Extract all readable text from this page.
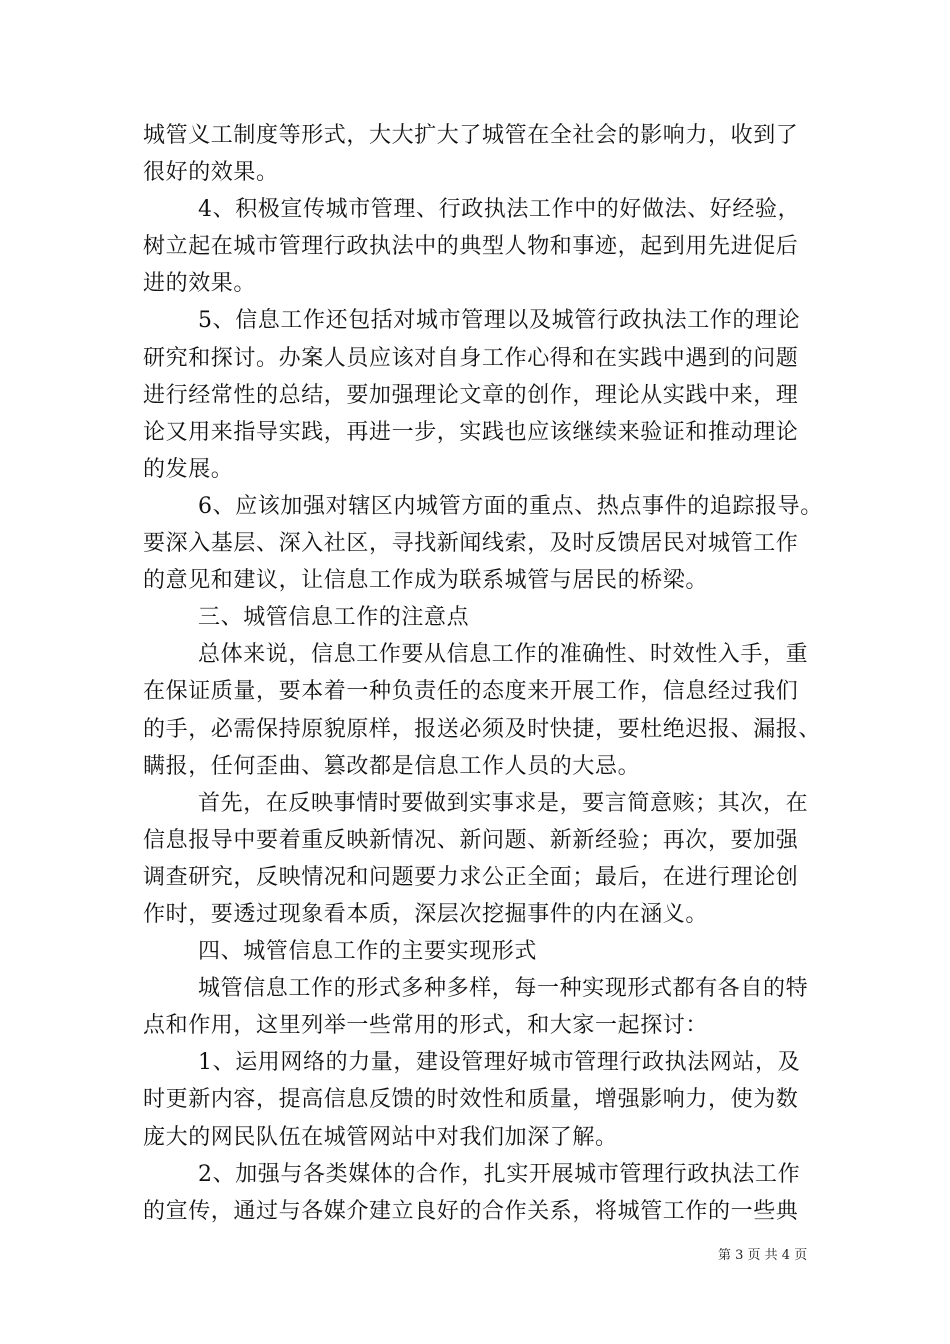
城管义工制度等形式，大大扩大了城管在全社会的影响力，收到了
很好的效果。
4、积极宣传城市管理、行政执法工作中的好做法、好经验，
树立起在城市管理行政执法中的典型人物和事迹，起到用先进促后
进的效果。
5、信息工作还包括对城市管理以及城管行政执法工作的理论
研究和探讨。办案人员应该对自身工作心得和在实践中遇到的问题
进行经常性的总结，要加强理论文章的创作，理论从实践中来，理
论又用来指导实践，再进一步，实践也应该继续来验证和推动理论
的发展。
6、应该加强对辖区内城管方面的重点、热点事件的追踪报导。
要深入基层、深入社区，寻找新闻线索，及时反馈居民对城管工作
的意见和建议，让信息工作成为联系城管与居民的桥梁。
三、城管信息工作的注意点
总体来说，信息工作要从信息工作的准确性、时效性入手，重
在保证质量，要本着一种负责任的态度来开展工作，信息经过我们
的手，必需保持原貌原样，报送必须及时快捷，要杜绝迟报、漏报、
瞒报，任何歪曲、篡改都是信息工作人员的大忌。
首先，在反映事情时要做到实事求是，要言简意赅；其次，在
信息报导中要着重反映新情况、新问题、新新经验；再次，要加强
调查研究，反映情况和问题要力求公正全面；最后，在进行理论创
作时，要透过现象看本质，深层次挖掘事件的内在涵义。
四、城管信息工作的主要实现形式
城管信息工作的形式多种多样，每一种实现形式都有各自的特
点和作用，这里列举一些常用的形式，和大家一起探讨：
1、运用网络的力量，建设管理好城市管理行政执法网站，及
时更新内容，提高信息反馈的时效性和质量，增强影响力，使为数
庞大的网民队伍在城管网站中对我们加深了解。
2、加强与各类媒体的合作，扎实开展城市管理行政执法工作
的宣传，通过与各媒介建立良好的合作关系，将城管工作的一些典
第 3 页 共 4 页
